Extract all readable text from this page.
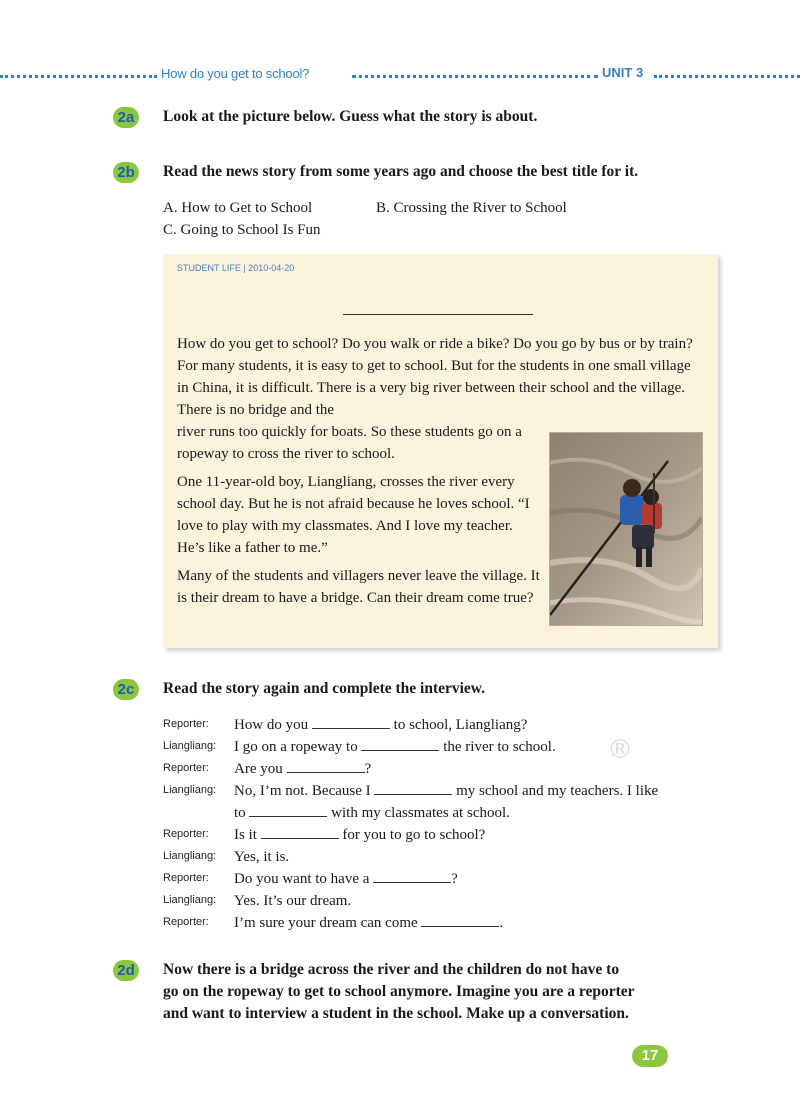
How do you get to school?	UNIT 3
2a	Look at the picture below. Guess what the story is about.
2b Read the news story from some years ago and choose the best title for it.
A. How to Get to School	B. Crossing the River to School
C. Going to School Is Fun
STUDENT LIFE | 2010-04-20

How do you get to school? Do you walk or ride a bike? Do you go by bus or by train? For many students, it is easy to get to school. But for the students in one small village in China, it is difficult. There is a very big river between their school and the village. There is no bridge and the

river runs too quickly for boats. So these students go on a ropeway to cross the river to school.

One 11-year-old boy, Liangliang, crosses the river every school day. But he is not afraid because he loves school. “I love to play with my classmates. And I love my teacher. He’s like a father to me.”

Many of the students and villagers never leave the village. It is their dream to have a bridge. Can their dream come true?

2c	Read the story again and complete the interview.
®
Reporter:	How do you	to school, Liangliang?
Liangliang:	I go on a ropeway to	the river to school.
Reporter:	Are you	?
Liangliang:	No, I’m not. Because I	my school and my teachers. I like
to	with my classmates at school.
Reporter:	Is it	for you to go to school?
Liangliang:	Yes, it is.
Reporter:	Do you want to have a	?
Liangliang:	Yes. It’s our dream.
Reporter:	I’m sure your dream can come	.
2d Now there is a bridge across the river and the children do not have to
go on the ropeway to get to school anymore. Imagine you are a reporter
and want to interview a student in the school. Make up a conversation.
17
